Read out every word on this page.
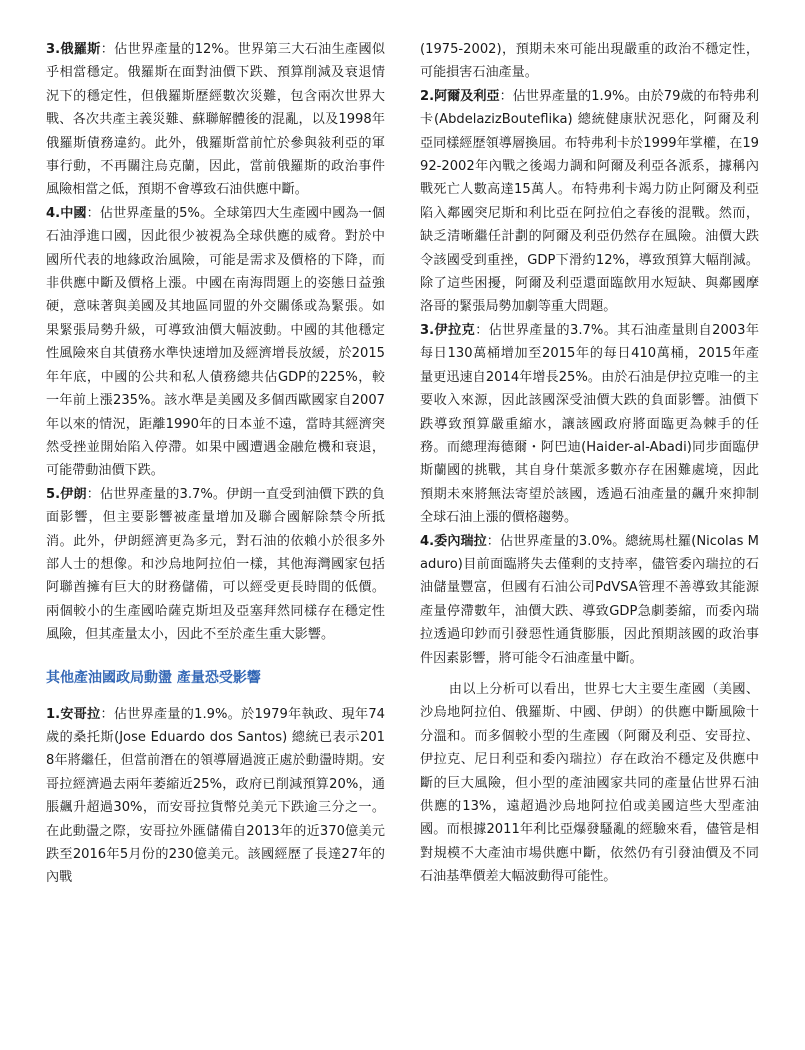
3.俄羅斯：佔世界產量的12%。世界第三大石油生產國似乎相當穩定。俄羅斯在面對油價下跌、預算削減及衰退情況下的穩定性，但俄羅斯歷經數次災難，包含兩次世界大戰、各次共產主義災難、蘇聯解體後的混亂，以及1998年俄羅斯債務違約。此外，俄羅斯當前忙於參與敍利亞的軍事行動，不再關注烏克蘭，因此，當前俄羅斯的政治事件風險相當之低，預期不會導致石油供應中斷。

4.中國：佔世界產量的5%。全球第四大生產國中國為一個石油淨進口國，因此很少被視為全球供應的威脅。對於中國所代表的地緣政治風險，可能是需求及價格的下降，而非供應中斷及價格上漲。中國在南海問題上的姿態日益強硬，意味著與美國及其地區同盟的外交關係或為緊張。如果緊張局勢升級，可導致油價大幅波動。中國的其他穩定性風險來自其債務水準快速增加及經濟增長放緩，於2015年年底，中國的公共和私人債務總共佔GDP的225%，較一年前上漲235%。該水準是美國及多個西歐國家自2007年以來的情況，距離1990年的日本並不遠，當時其經濟突然受挫並開始陷入停滯。如果中國遭遇金融危機和衰退，可能帶動油價下跌。

5.伊朗：佔世界產量的3.7%。伊朗一直受到油價下跌的負面影響，但主要影響被產量增加及聯合國解除禁令所抵消。此外，伊朗經濟更為多元，對石油的依賴小於很多外部人士的想像。和沙烏地阿拉伯一樣，其他海灣國家包括阿聯酋擁有巨大的財務儲備，可以經受更長時間的低價。兩個較小的生產國哈薩克斯坦及亞塞拜然同樣存在穩定性風險，但其產量太小，因此不至於產生重大影響。

其他產油國政局動盪 產量恐受影響

1.安哥拉：佔世界產量的1.9%。於1979年執政、現年74歲的桑托斯(Jose Eduardo dos Santos) 總統已表示2018年將繼任，但當前潛在的領導層過渡正處於動盪時期。安哥拉經濟過去兩年萎縮近25%，政府已削減預算20%，通脹飆升超過30%，而安哥拉貨幣兑美元下跌逾三分之一。在此動盪之際，安哥拉外匯儲備自2013年的近370億美元跌至2016年5月份的230億美元。該國經歷了長達27年的內戰

(1975-2002)，預期未來可能出現嚴重的政治不穩定性，可能損害石油產量。

2.阿爾及利亞：佔世界產量的1.9%。由於79歲的布特弗利卡(AbdelazizBouteflika) 總統健康狀況惡化，阿爾及利亞同樣經歷領導層換屆。布特弗利卡於1999年掌權，在1992-2002年內戰之後竭力調和阿爾及利亞各派系，據稱內戰死亡人數高達15萬人。布特弗利卡竭力防止阿爾及利亞陷入鄰國突尼斯和利比亞在阿拉伯之春後的混戰。然而，缺乏清晰繼任計劃的阿爾及利亞仍然存在風險。油價大跌令該國受到重挫，GDP下滑約12%，導致預算大幅削減。除了這些困擾，阿爾及利亞還面臨飲用水短缺、與鄰國摩洛哥的緊張局勢加劇等重大問題。

3.伊拉克：佔世界產量的3.7%。其石油產量則自2003年每日130萬桶增加至2015年的每日410萬桶，2015年產量更迅速自2014年增長25%。由於石油是伊拉克唯一的主要收入來源，因此該國深受油價大跌的負面影響。油價下跌導致預算嚴重縮水，讓該國政府將面臨更為棘手的任務。而總理海德爾・阿巴迪(Haider-al-Abadi)同步面臨伊斯蘭國的挑戰，其自身什葉派多數亦存在困難處境，因此預期未來將無法寄望於該國，透過石油產量的飆升來抑制全球石油上漲的價格趨勢。

4.委內瑞拉：佔世界產量的3.0%。總統馬杜羅(Nicolas Maduro)目前面臨將失去僅剩的支持率，儘管委內瑞拉的石油儲量豐富，但國有石油公司PdVSA管理不善導致其能源產量停滯數年，油價大跌、導致GDP急劇萎縮，而委內瑞拉透過印鈔而引發惡性通貨膨脹，因此預期該國的政治事件因素影響，將可能令石油產量中斷。

由以上分析可以看出，世界七大主要生產國（美國、沙烏地阿拉伯、俄羅斯、中國、伊朗）的供應中斷風險十分溫和。而多個較小型的生產國（阿爾及利亞、安哥拉、伊拉克、尼日利亞和委內瑞拉）存在政治不穩定及供應中斷的巨大風險，但小型的產油國家共同的產量佔世界石油供應的13%，遠超過沙烏地阿拉伯或美國這些大型產油國。而根據2011年利比亞爆發騷亂的經驗來看，儘管是相對規模不大產油市場供應中斷，依然仍有引發油價及不同石油基準價差大幅波動得可能性。
